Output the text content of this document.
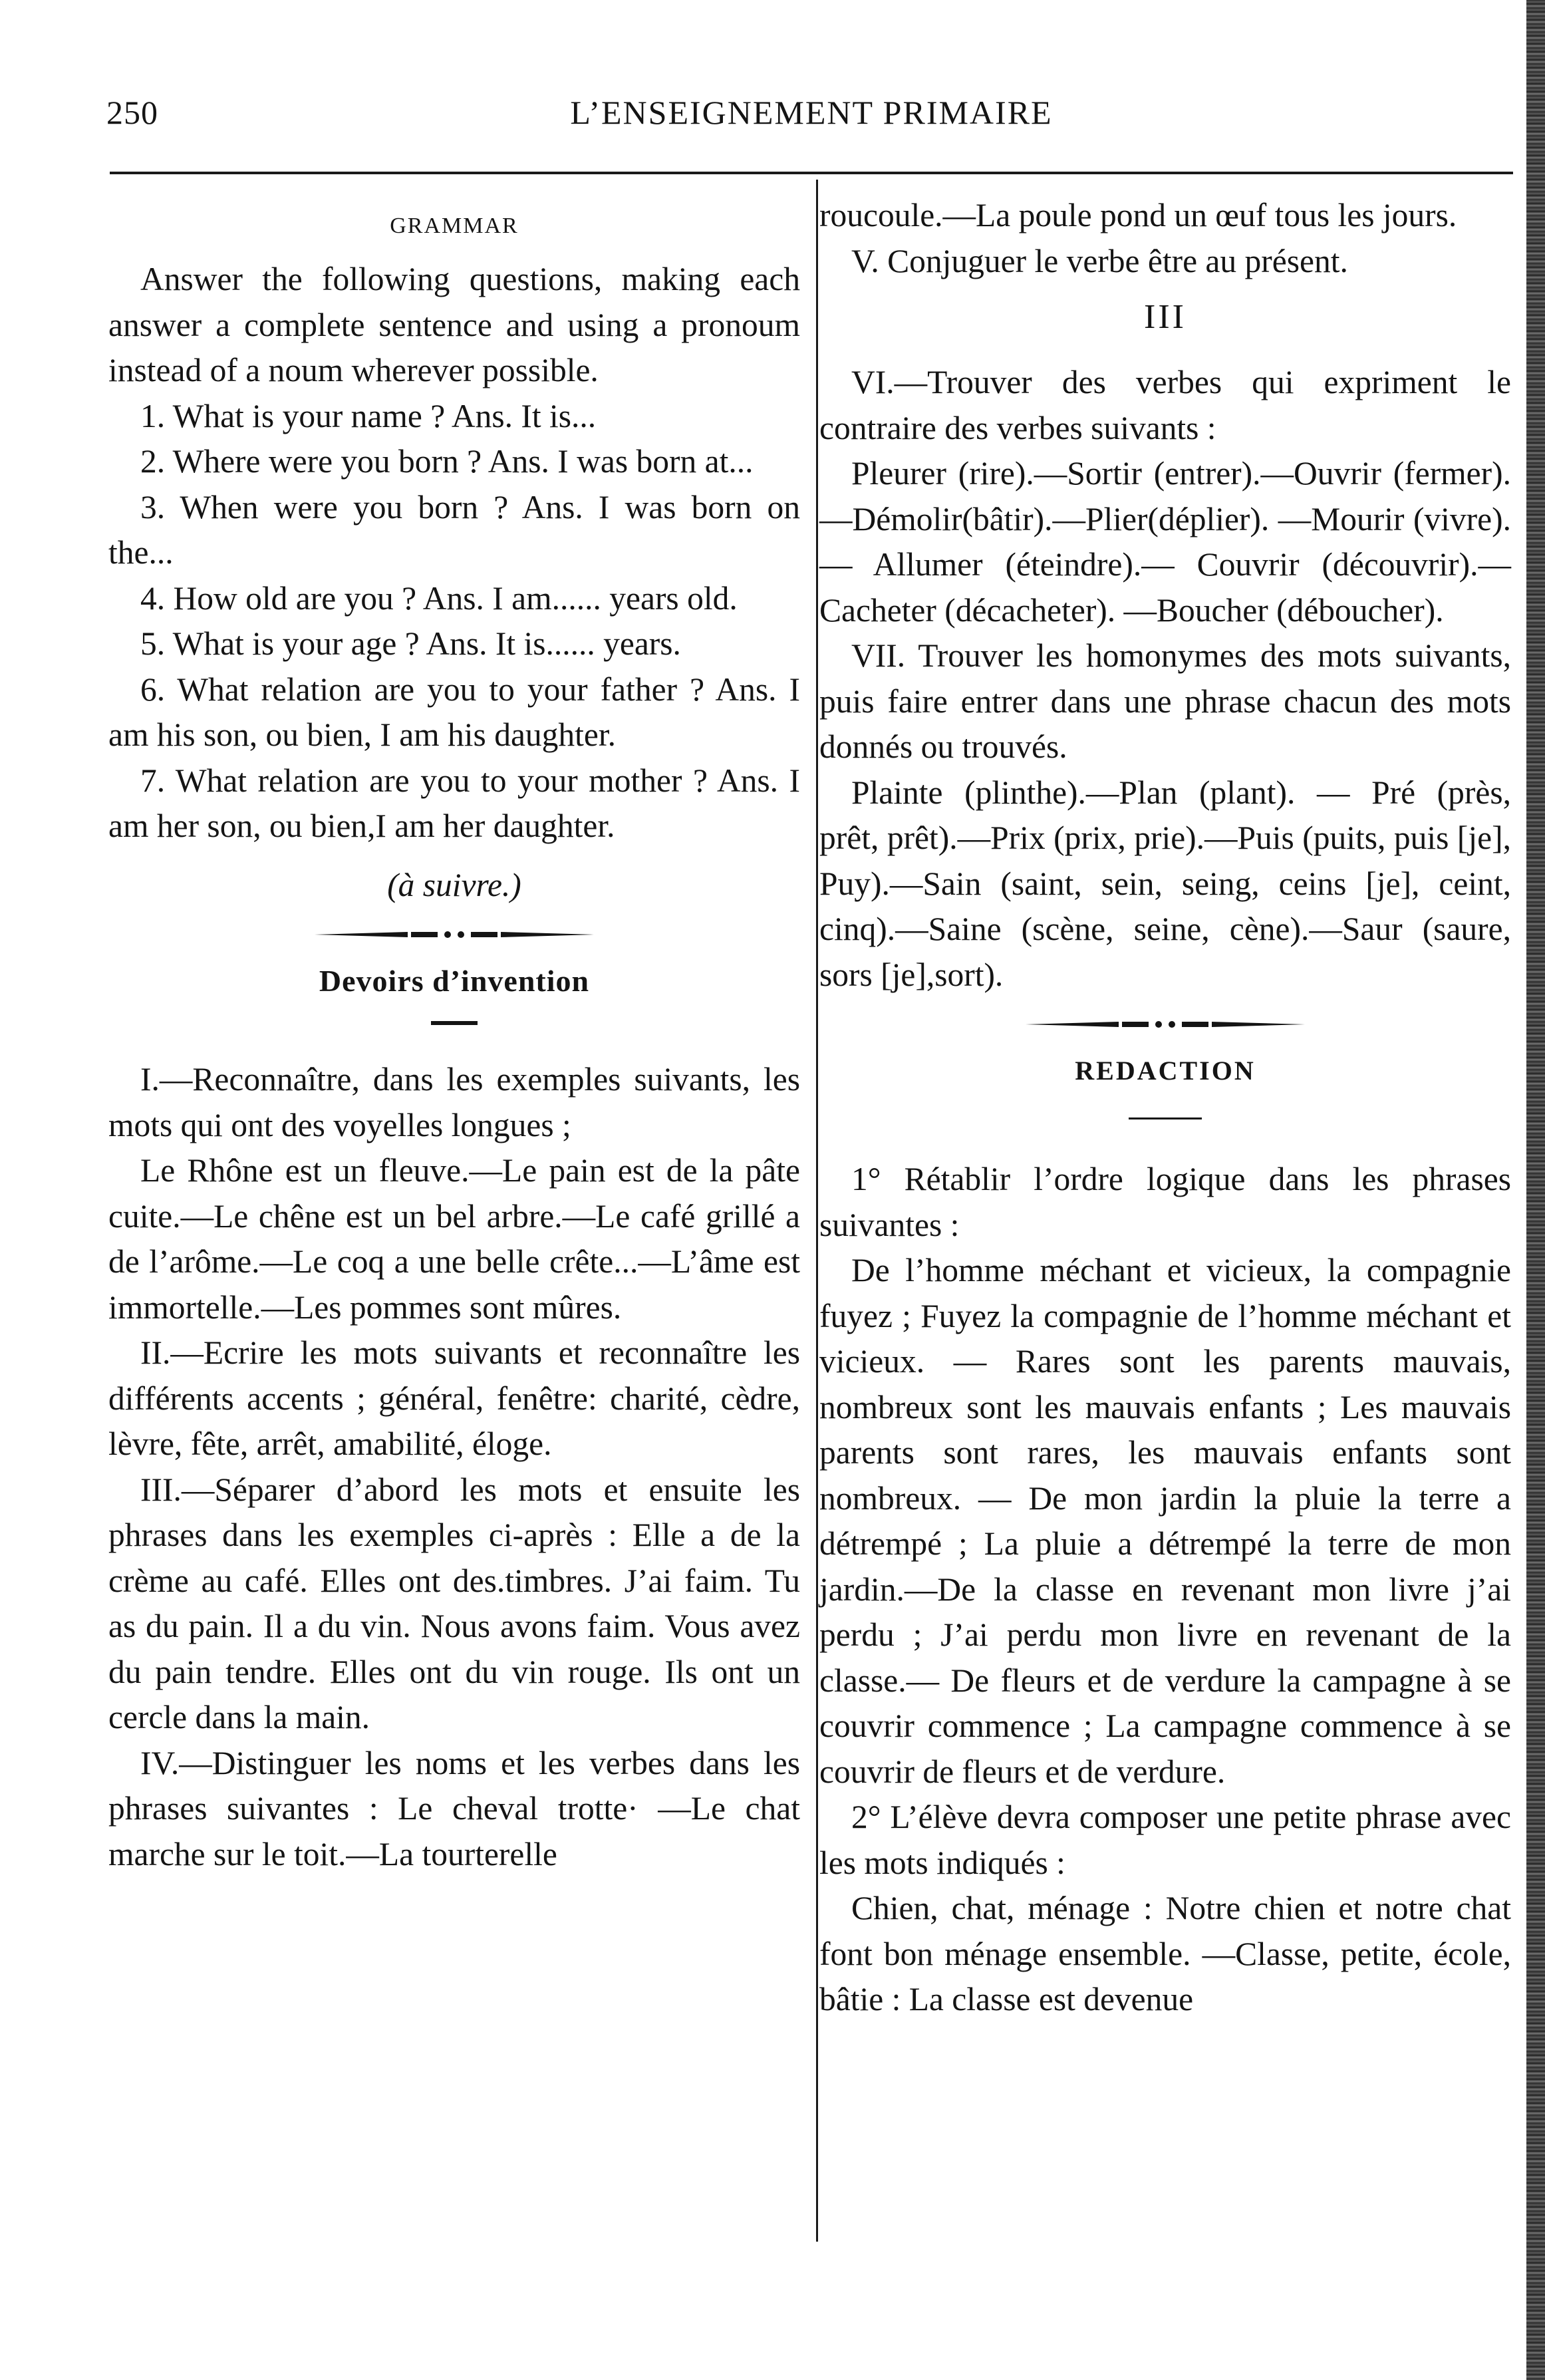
250	L’ENSEIGNEMENT PRIMAIRE
GRAMMAR

Answer the following questions, making each answer a complete sentence and using a pronoum instead of a noum wherever possible.

1. What is your name ? Ans. It is...

2. Where were you born ? Ans. I was born at...

3. When were you born ? Ans. I was born on the...

4. How old are you ? Ans. I am...... years old.

5. What is your age ? Ans. It is...... years.

6. What relation are you to your father ? Ans. I am his son, ou bien, I am his daughter.

7. What relation are you to your mother ? Ans. I am her son, ou bien,I am her daughter.

(à suivre.)
Devoirs d’invention

I.—Reconnaître, dans les exemples suivants, les mots qui ont des voyelles longues ;

Le Rhône est un fleuve.—Le pain est de la pâte cuite.—Le chêne est un bel arbre.—Le café grillé a de l’arôme.—Le coq a une belle crête...—L’âme est immortelle.—Les pommes sont mûres.

II.—Ecrire les mots suivants et reconnaître les différents accents ; général, fenêtre: charité, cèdre, lèvre, fête, arrêt, amabilité, éloge.

III.—Séparer d’abord les mots et ensuite les phrases dans les exemples ci-après : Elle a de la crème au café. Elles ont des.timbres. J’ai faim. Tu as du pain. Il a du vin. Nous avons faim. Vous avez du pain tendre. Elles ont du vin rouge. Ils ont un cercle dans la main.

IV.—Distinguer les noms et les verbes dans les phrases suivantes : Le cheval trotte· —Le chat marche sur le toit.—La tourterelle

roucoule.—La poule pond un œuf tous les jours.

V. Conjuguer le verbe être au présent.

III

VI.—Trouver des verbes qui expriment le contraire des verbes suivants :

Pleurer (rire).—Sortir (entrer).—Ouvrir (fermer).—Démolir(bâtir).—Plier(déplier). —Mourir (vivre). — Allumer (éteindre).— Couvrir (découvrir).—Cacheter (décacheter). —Boucher (déboucher).

VII. Trouver les homonymes des mots suivants, puis faire entrer dans une phrase chacun des mots donnés ou trouvés.

Plainte (plinthe).—Plan (plant). — Pré (près, prêt, prêt).—Prix (prix, prie).—Puis (puits, puis [je], Puy).—Sain (saint, sein, seing, ceins [je], ceint, cinq).—Saine (scène, seine, cène).—Saur (saure, sors [je],sort).

REDACTION

1° Rétablir l’ordre logique dans les phrases suivantes :

De l’homme méchant et vicieux, la compagnie fuyez ; Fuyez la compagnie de l’homme méchant et vicieux. — Rares sont les parents mauvais, nombreux sont les mauvais enfants ; Les mauvais parents sont rares, les mauvais enfants sont nombreux. — De mon jardin la pluie la terre a détrempé ; La pluie a détrempé la terre de mon jardin.—De la classe en revenant mon livre j’ai perdu ; J’ai perdu mon livre en revenant de la classe.— De fleurs et de verdure la campagne à se couvrir commence ; La campagne commence à se couvrir de fleurs et de verdure.

2° L’élève devra composer une petite phrase avec les mots indiqués :

Chien, chat, ménage : Notre chien et notre chat font bon ménage ensemble. —Classe, petite, école, bâtie : La classe est devenue
